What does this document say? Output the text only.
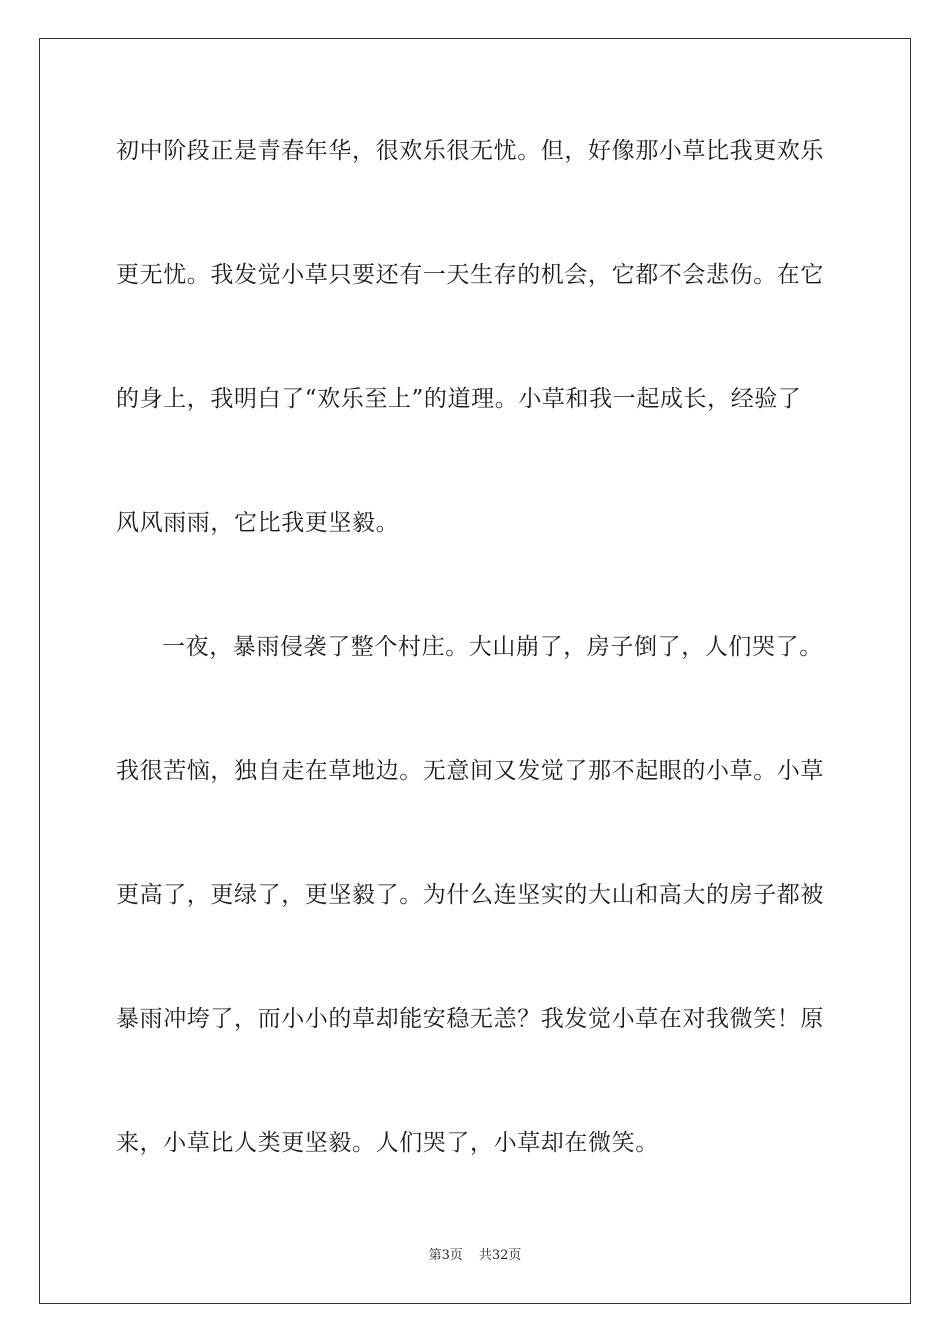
初中阶段正是青春年华，很欢乐很无忧。但，好像那小草比我更欢乐
更无忧。我发觉小草只要还有一天生存的机会，它都不会悲伤。在它
的身上，我明白了“欢乐至上”的道理。小草和我一起成长，经验了
风风雨雨，它比我更坚毅。
一夜，暴雨侵袭了整个村庄。大山崩了，房子倒了，人们哭了。
我很苦恼，独自走在草地边。无意间又发觉了那不起眼的小草。小草
更高了，更绿了，更坚毅了。为什么连坚实的大山和高大的房子都被
暴雨冲垮了，而小小的草却能安稳无恙？我发觉小草在对我微笑！原
来，小草比人类更坚毅。人们哭了，小草却在微笑。
第3页 共32页
